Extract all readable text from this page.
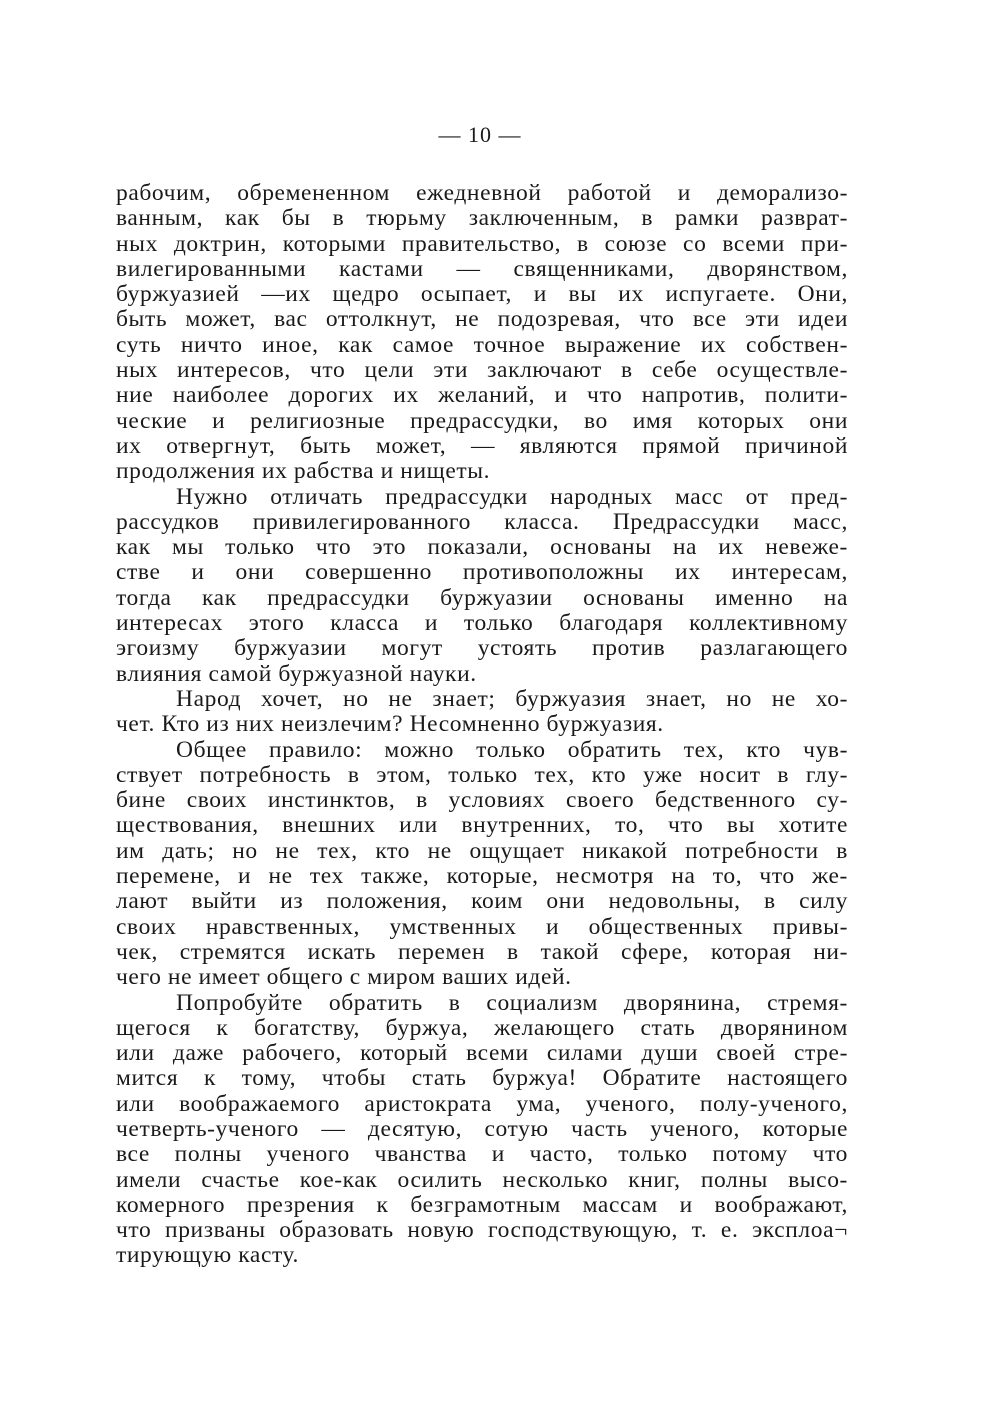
— 10 —
рабочим, обремененном ежедневной работой и деморализо-
ванным, как бы в тюрьму заключенным, в рамки разврат-
ных доктрин, которыми правительство, в союзе со всеми при-
вилегированными кастами — священниками, дворянством,
буржуазией —их щедро осыпает, и вы их испугаете. Они,
быть может, вас оттолкнут, не подозревая, что все эти идеи
суть ничто иное, как самое точное выражение их собствен-
ных интересов, что цели эти заключают в себе осуществле-
ние наиболее дорогих их желаний, и что напротив, полити-
ческие и религиозные предрассудки, во имя которых они
их отвергнут, быть может, — являются прямой причиной
продолжения их рабства и нищеты.
Нужно отличать предрассудки народных масс от пред-
рассудков привилегированного класса. Предрассудки масс,
как мы только что это показали, основаны на их невеже-
стве и они совершенно противоположны их интересам,
тогда как предрассудки буржуазии основаны именно на
интересах этого класса и только благодаря коллективному
эгоизму буржуазии могут устоять против разлагающего
влияния самой буржуазной науки.
Народ хочет, но не знает; буржуазия знает, но не хо-
чет. Кто из них неизлечим? Несомненно буржуазия.
Общее правило: можно только обратить тех, кто чув-
ствует потребность в этом, только тех, кто уже носит в глу-
бине своих инстинктов, в условиях своего бедственного су-
ществования, внешних или внутренних, то, что вы хотите
им дать; но не тех, кто не ощущает никакой потребности в
перемене, и не тех также, которые, несмотря на то, что же-
лают выйти из положения, коим они недовольны, в силу
своих нравственных, умственных и общественных привы-
чек, стремятся искать перемен в такой сфере, которая ни-
чего не имеет общего с миром ваших идей.
Попробуйте обратить в социализм дворянина, стремя-
щегося к богатству, буржуа, желающего стать дворянином
или даже рабочего, который всеми силами души своей стре-
мится к тому, чтобы стать буржуа! Обратите настоящего
или воображаемого аристократа ума, ученого, полу-ученого,
четверть-ученого — десятую, сотую часть ученого, которые
все полны ученого чванства и часто, только потому что
имели счастье кое-как осилить несколько книг, полны высо-
комерного презрения к безграмотным массам и воображают,
что призваны образовать новую господствующую, т. е. эксплоа¬
тирующую касту.
